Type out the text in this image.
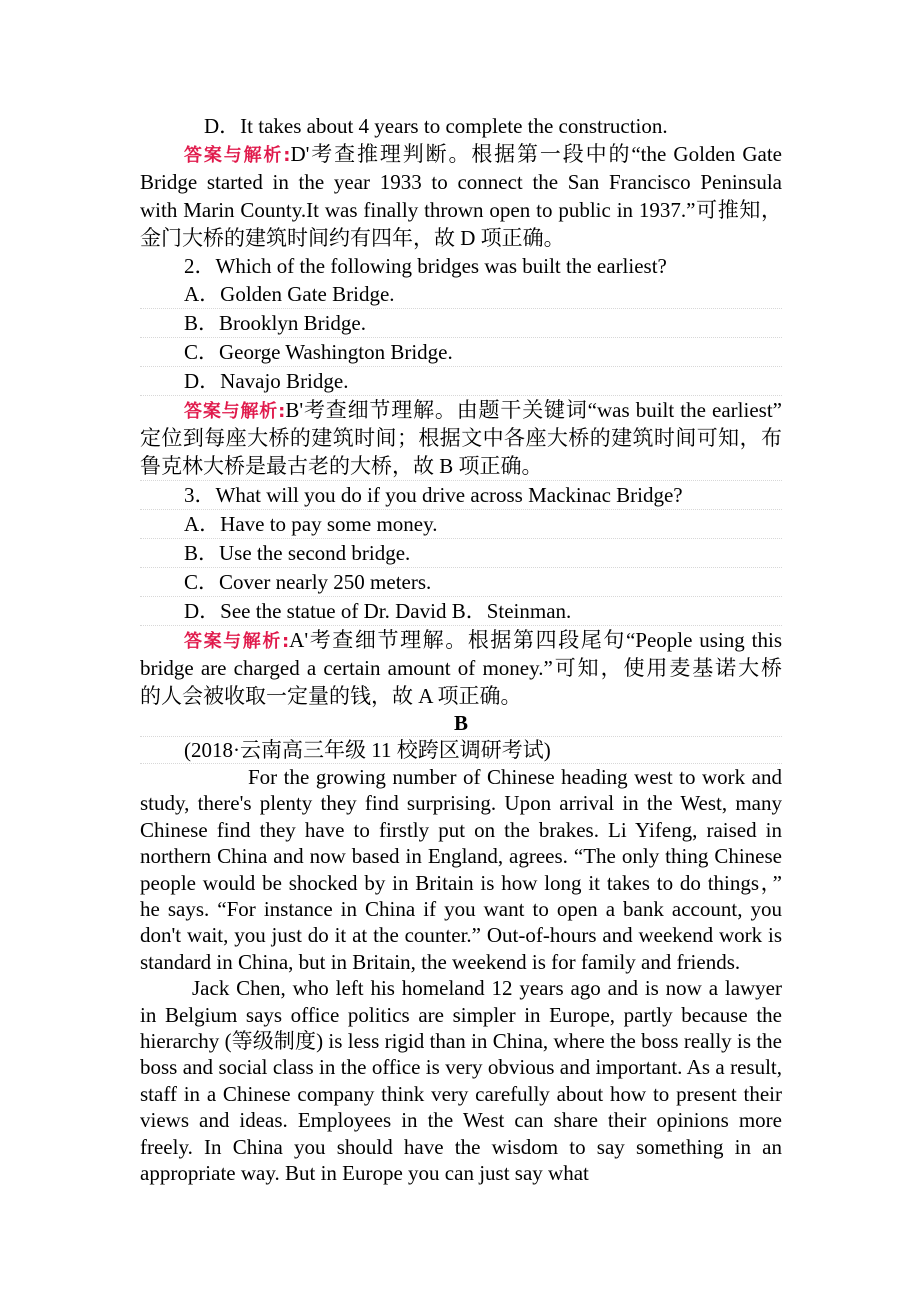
D．It takes about 4 years to complete the construction.
答案与解析:D'考查推理判断。根据第一段中的“the Golden Gate
Bridge started in the year 1933 to connect the San Francisco Peninsula
with Marin County.It was finally thrown open to public in 1937.”可推知，
金门大桥的建筑时间约有四年，故 D 项正确。
2．Which of the following bridges was built the earliest?
A．Golden Gate Bridge.
B．Brooklyn Bridge.
C．George Washington Bridge.
D．Navajo Bridge.
答案与解析:B'考查细节理解。由题干关键词“was built the earliest”
定位到每座大桥的建筑时间；根据文中各座大桥的建筑时间可知，布
鲁克林大桥是最古老的大桥，故 B 项正确。
3．What will you do if you drive across Mackinac Bridge?
A．Have to pay some money.
B．Use the second bridge.
C．Cover nearly 250 meters.
D．See the statue of Dr. David B．Steinman.
答案与解析:A'考查细节理解。根据第四段尾句“People using this
bridge are charged a certain amount of money.”可知，使用麦基诺大桥
的人会被收取一定量的钱，故 A 项正确。
B
(2018·云南高三年级 11 校跨区调研考试)

For the growing number of Chinese heading west to work and study, there's plenty they find surprising. Upon arrival in the West, many Chinese find they have to firstly put on the brakes. Li Yifeng, raised in northern China and now based in England, agrees. “The only thing Chinese people would be shocked by in Britain is how long it takes to do things，” he says. “For instance in China if you want to open a bank account, you don't wait, you just do it at the counter.” Out-of-hours and weekend work is standard in China, but in Britain, the weekend is for family and friends.

Jack Chen, who left his homeland 12 years ago and is now a lawyer in Belgium says office politics are simpler in Europe, partly because the hierarchy (等级制度) is less rigid than in China, where the boss really is the boss and social class in the office is very obvious and important. As a result, staff in a Chinese company think very carefully about how to present their views and ideas. Employees in the West can share their opinions more freely. In China you should have the wisdom to say something in an appropriate way. But in Europe you can just say what
